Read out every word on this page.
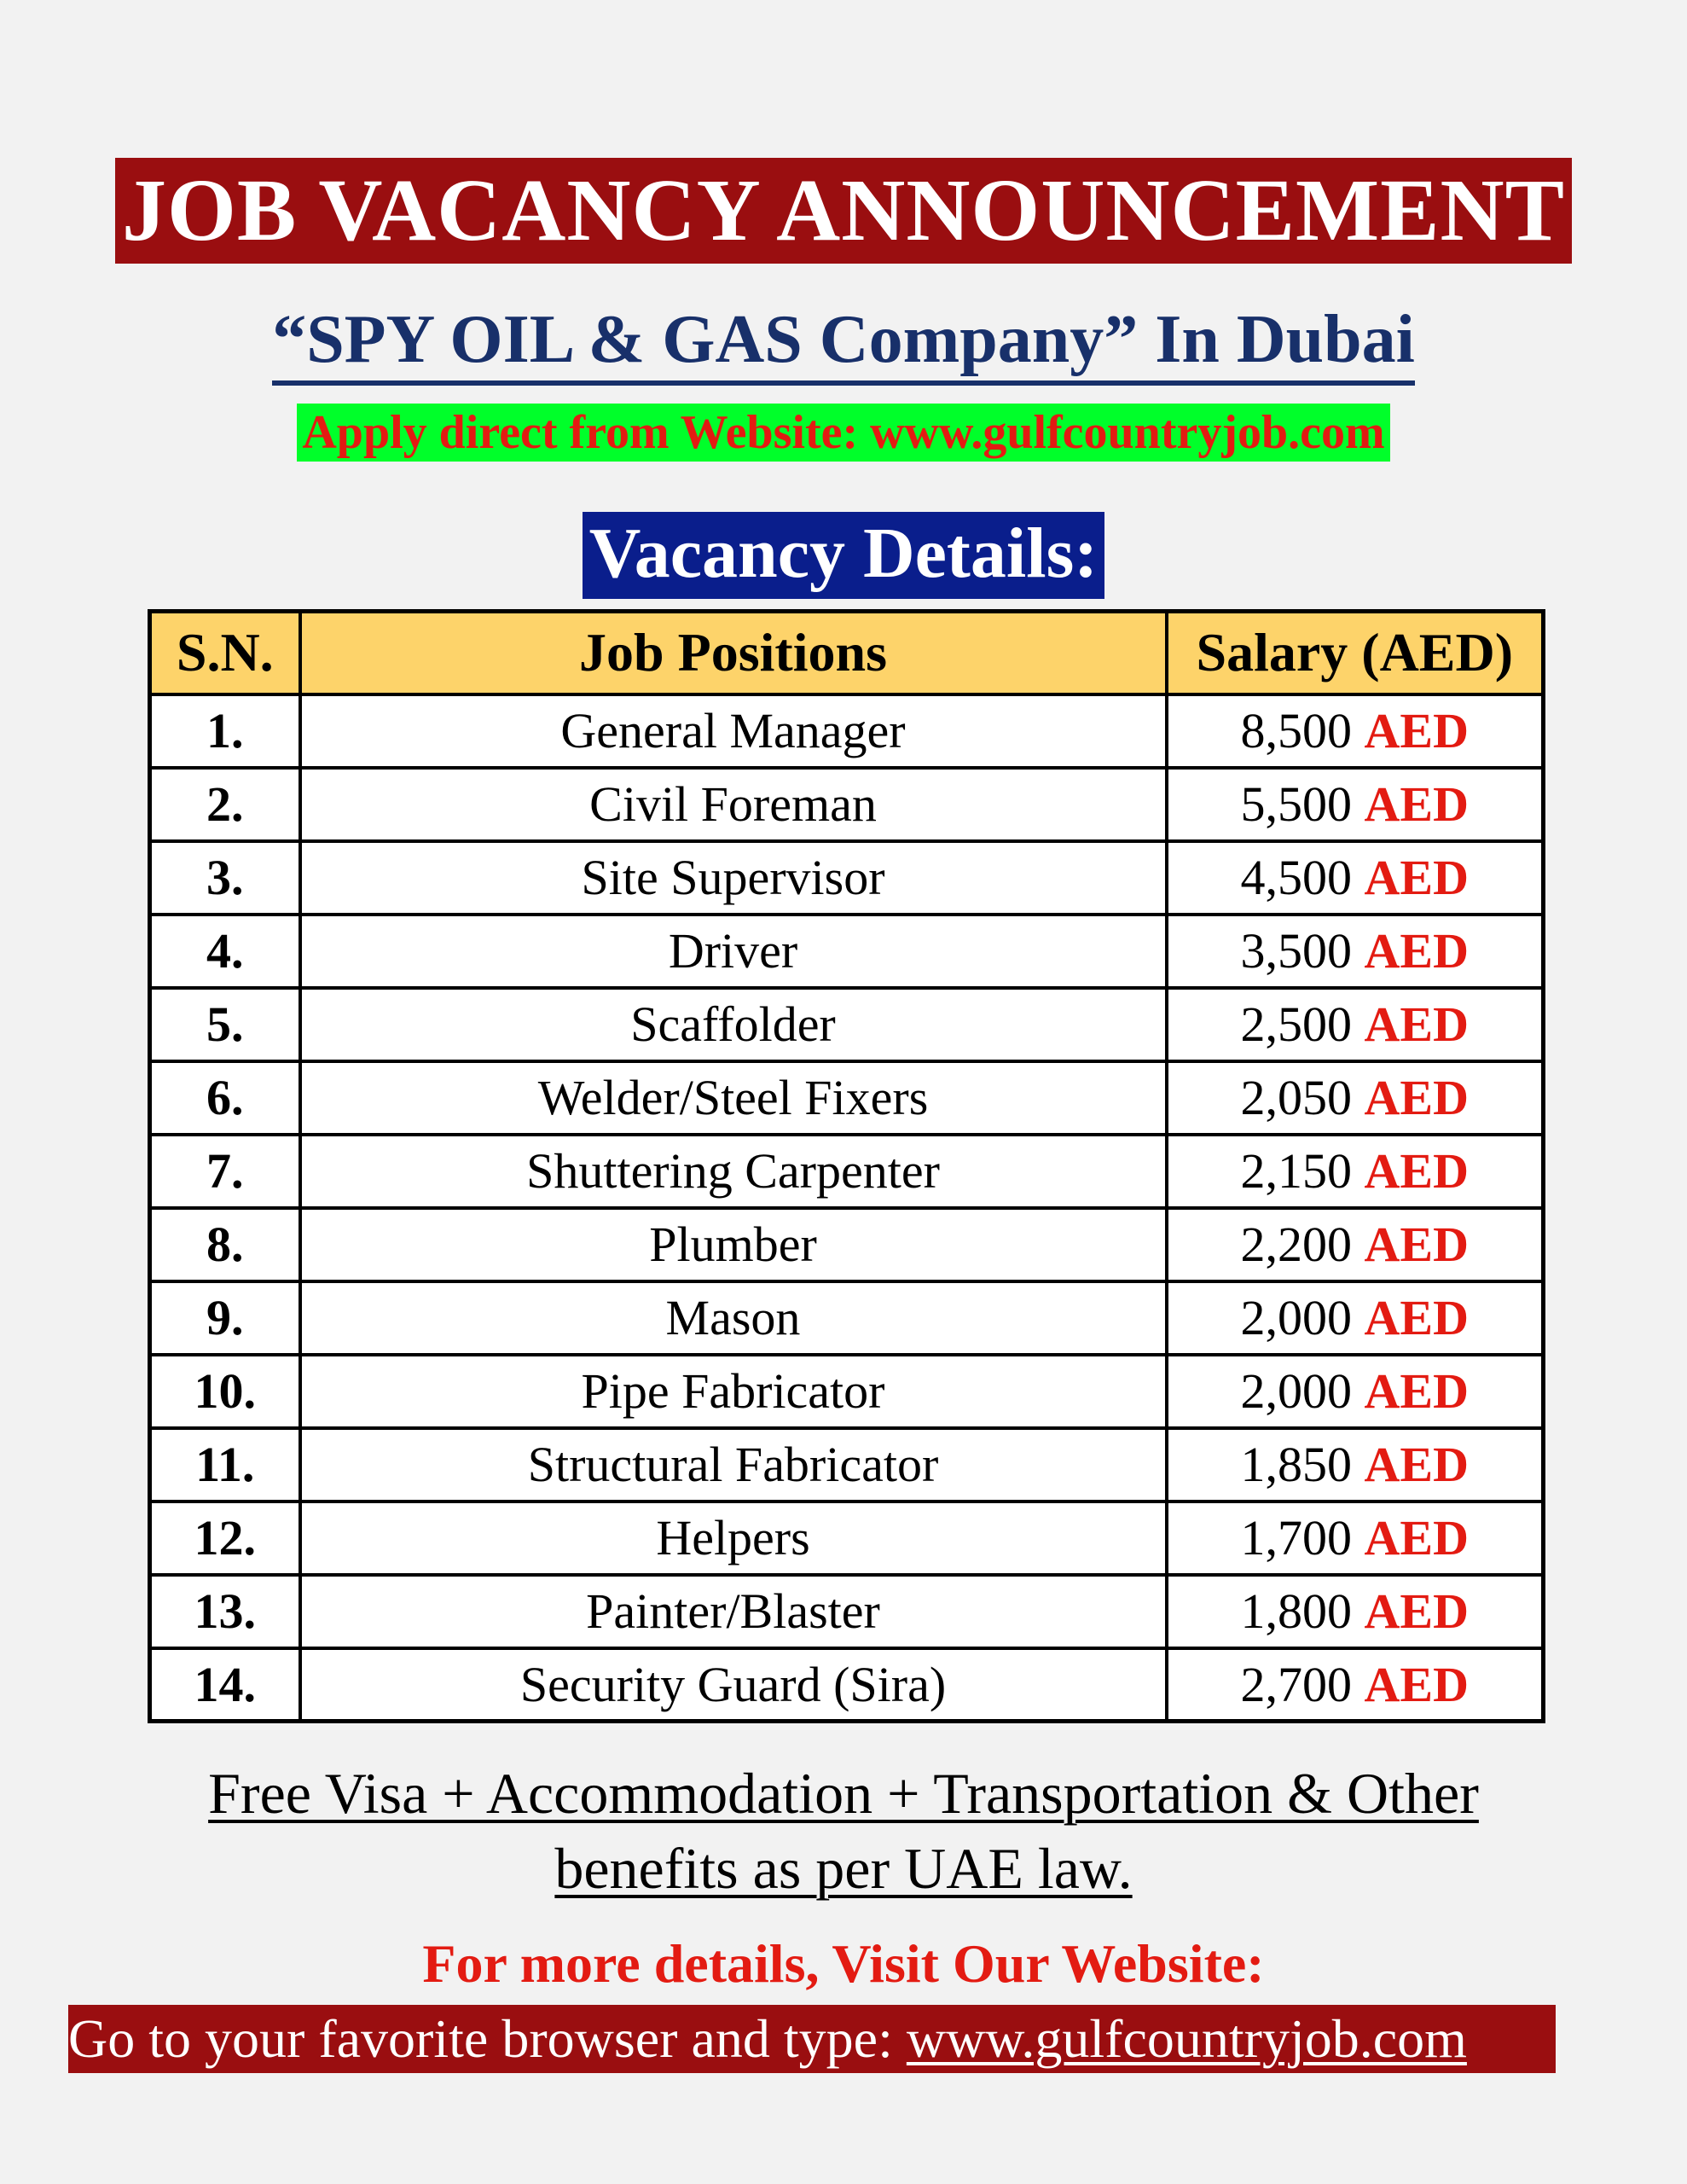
JOB VACANCY ANNOUNCEMENT
“SPY OIL & GAS Company” In Dubai
Apply direct from Website: www.gulfcountryjob.com
Vacancy Details:
S.N.	Job Positions	Salary (AED)
1.	General Manager	8,500 AED
2.	Civil Foreman	5,500 AED
3.	Site Supervisor	4,500 AED
4.	Driver	3,500 AED
5.	Scaffolder	2,500 AED
6.	Welder/Steel Fixers	2,050 AED
7.	Shuttering Carpenter	2,150 AED
8.	Plumber	2,200 AED
9.	Mason	2,000 AED
10.	Pipe Fabricator	2,000 AED
11.	Structural Fabricator	1,850 AED
12.	Helpers	1,700 AED
13.	Painter/Blaster	1,800 AED
14.	Security Guard (Sira)	2,700 AED
Free Visa + Accommodation + Transportation & Other
benefits as per UAE law.
For more details, Visit Our Website:
Go to your favorite browser and type: www.gulfcountryjob.com
